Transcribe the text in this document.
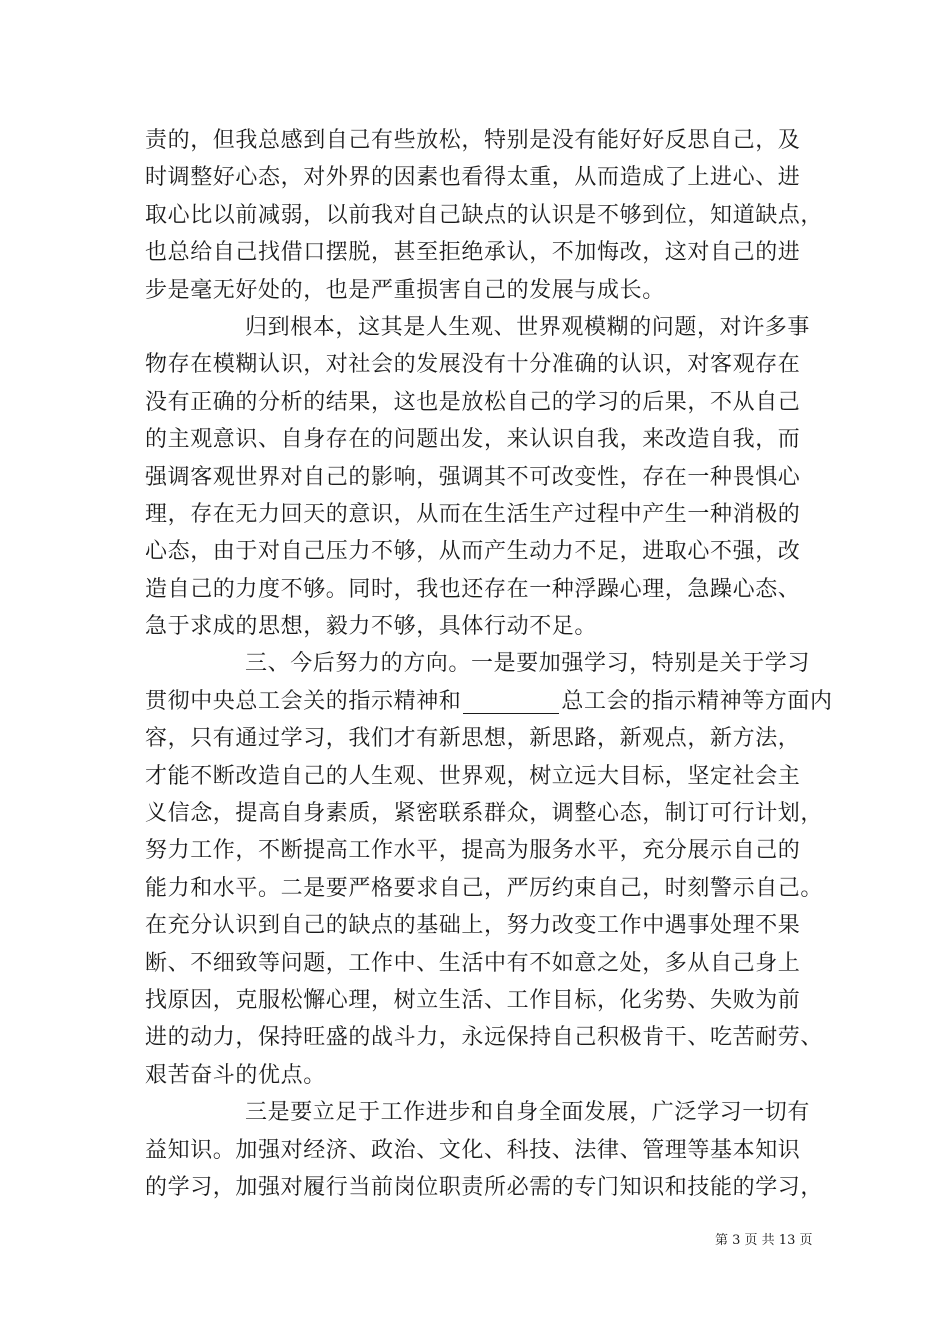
责的，但我总感到自己有些放松，特别是没有能好好反思自己，及
时调整好心态，对外界的因素也看得太重，从而造成了上进心、进
取心比以前减弱，以前我对自己缺点的认识是不够到位，知道缺点，
也总给自己找借口摆脱，甚至拒绝承认，不加悔改，这对自己的进
步是毫无好处的，也是严重损害自己的发展与成长。
归到根本，这其是人生观、世界观模糊的问题，对许多事
物存在模糊认识，对社会的发展没有十分准确的认识，对客观存在
没有正确的分析的结果，这也是放松自己的学习的后果，不从自己
的主观意识、自身存在的问题出发，来认识自我，来改造自我，而
强调客观世界对自己的影响，强调其不可改变性，存在一种畏惧心
理，存在无力回天的意识，从而在生活生产过程中产生一种消极的
心态，由于对自己压力不够，从而产生动力不足，进取心不强，改
造自己的力度不够。同时，我也还存在一种浮躁心理，急躁心态、
急于求成的思想，毅力不够，具体行动不足。
三、今后努力的方向。一是要加强学习，特别是关于学习
贯彻中央总工会关的指示精神和	总工会的指示精神等方面内
容，只有通过学习，我们才有新思想，新思路，新观点，新方法，
才能不断改造自己的人生观、世界观，树立远大目标，坚定社会主
义信念，提高自身素质，紧密联系群众，调整心态，制订可行计划，
努力工作，不断提高工作水平，提高为服务水平，充分展示自己的
能力和水平。二是要严格要求自己，严厉约束自己，时刻警示自己。
在充分认识到自己的缺点的基础上，努力改变工作中遇事处理不果
断、不细致等问题，工作中、生活中有不如意之处，多从自己身上
找原因，克服松懈心理，树立生活、工作目标，化劣势、失败为前
进的动力，保持旺盛的战斗力，永远保持自己积极肯干、吃苦耐劳、
艰苦奋斗的优点。
三是要立足于工作进步和自身全面发展，广泛学习一切有
益知识。加强对经济、政治、文化、科技、法律、管理等基本知识
的学习，加强对履行当前岗位职责所必需的专门知识和技能的学习，
第 3 页 共 13 页
